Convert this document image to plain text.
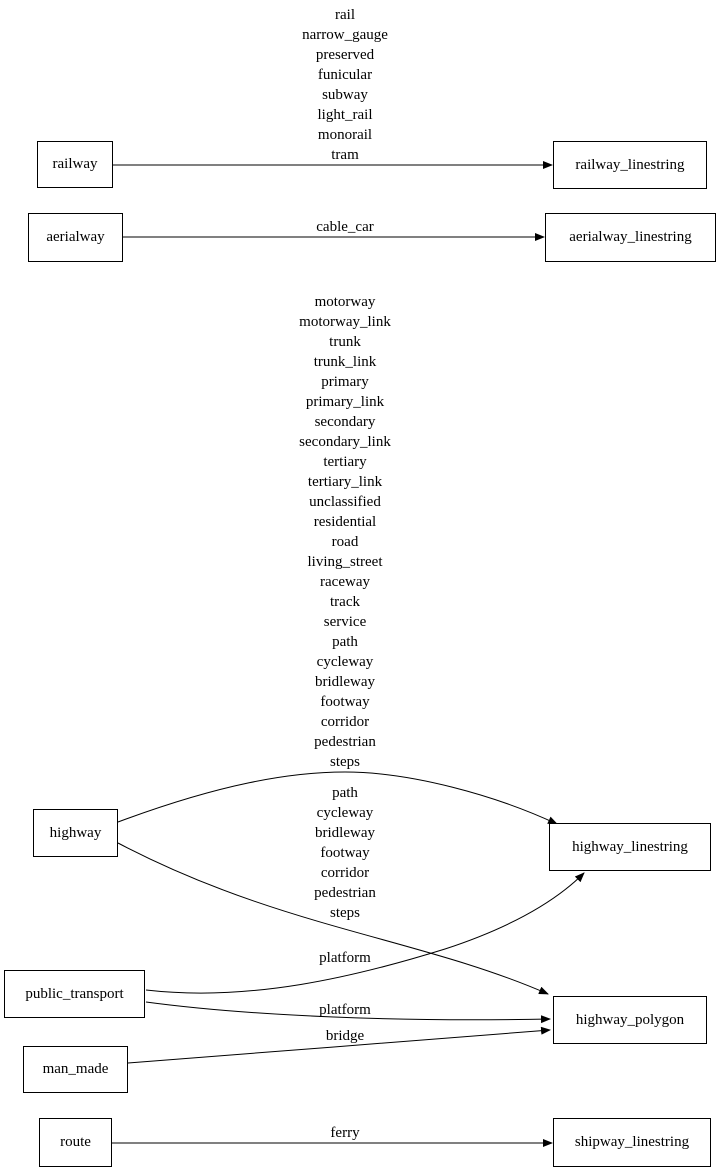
rail
narrow_gauge
preserved
funicular
subway
light_rail
monorail
tram
cable_car
motorway
motorway_link
trunk
trunk_link
primary
primary_link
secondary
secondary_link
tertiary
tertiary_link
unclassified
residential
road
living_street
raceway
track
service
path
cycleway
bridleway
footway
corridor
pedestrian
steps
path
cycleway
bridleway
footway
corridor
pedestrian
steps
platform
platform
bridge
ferry
railway	railway_linestring
aerialway	aerialway_linestring
highway
highway_linestring
public_transport
highway_polygon
man_made
route	shipway_linestring
